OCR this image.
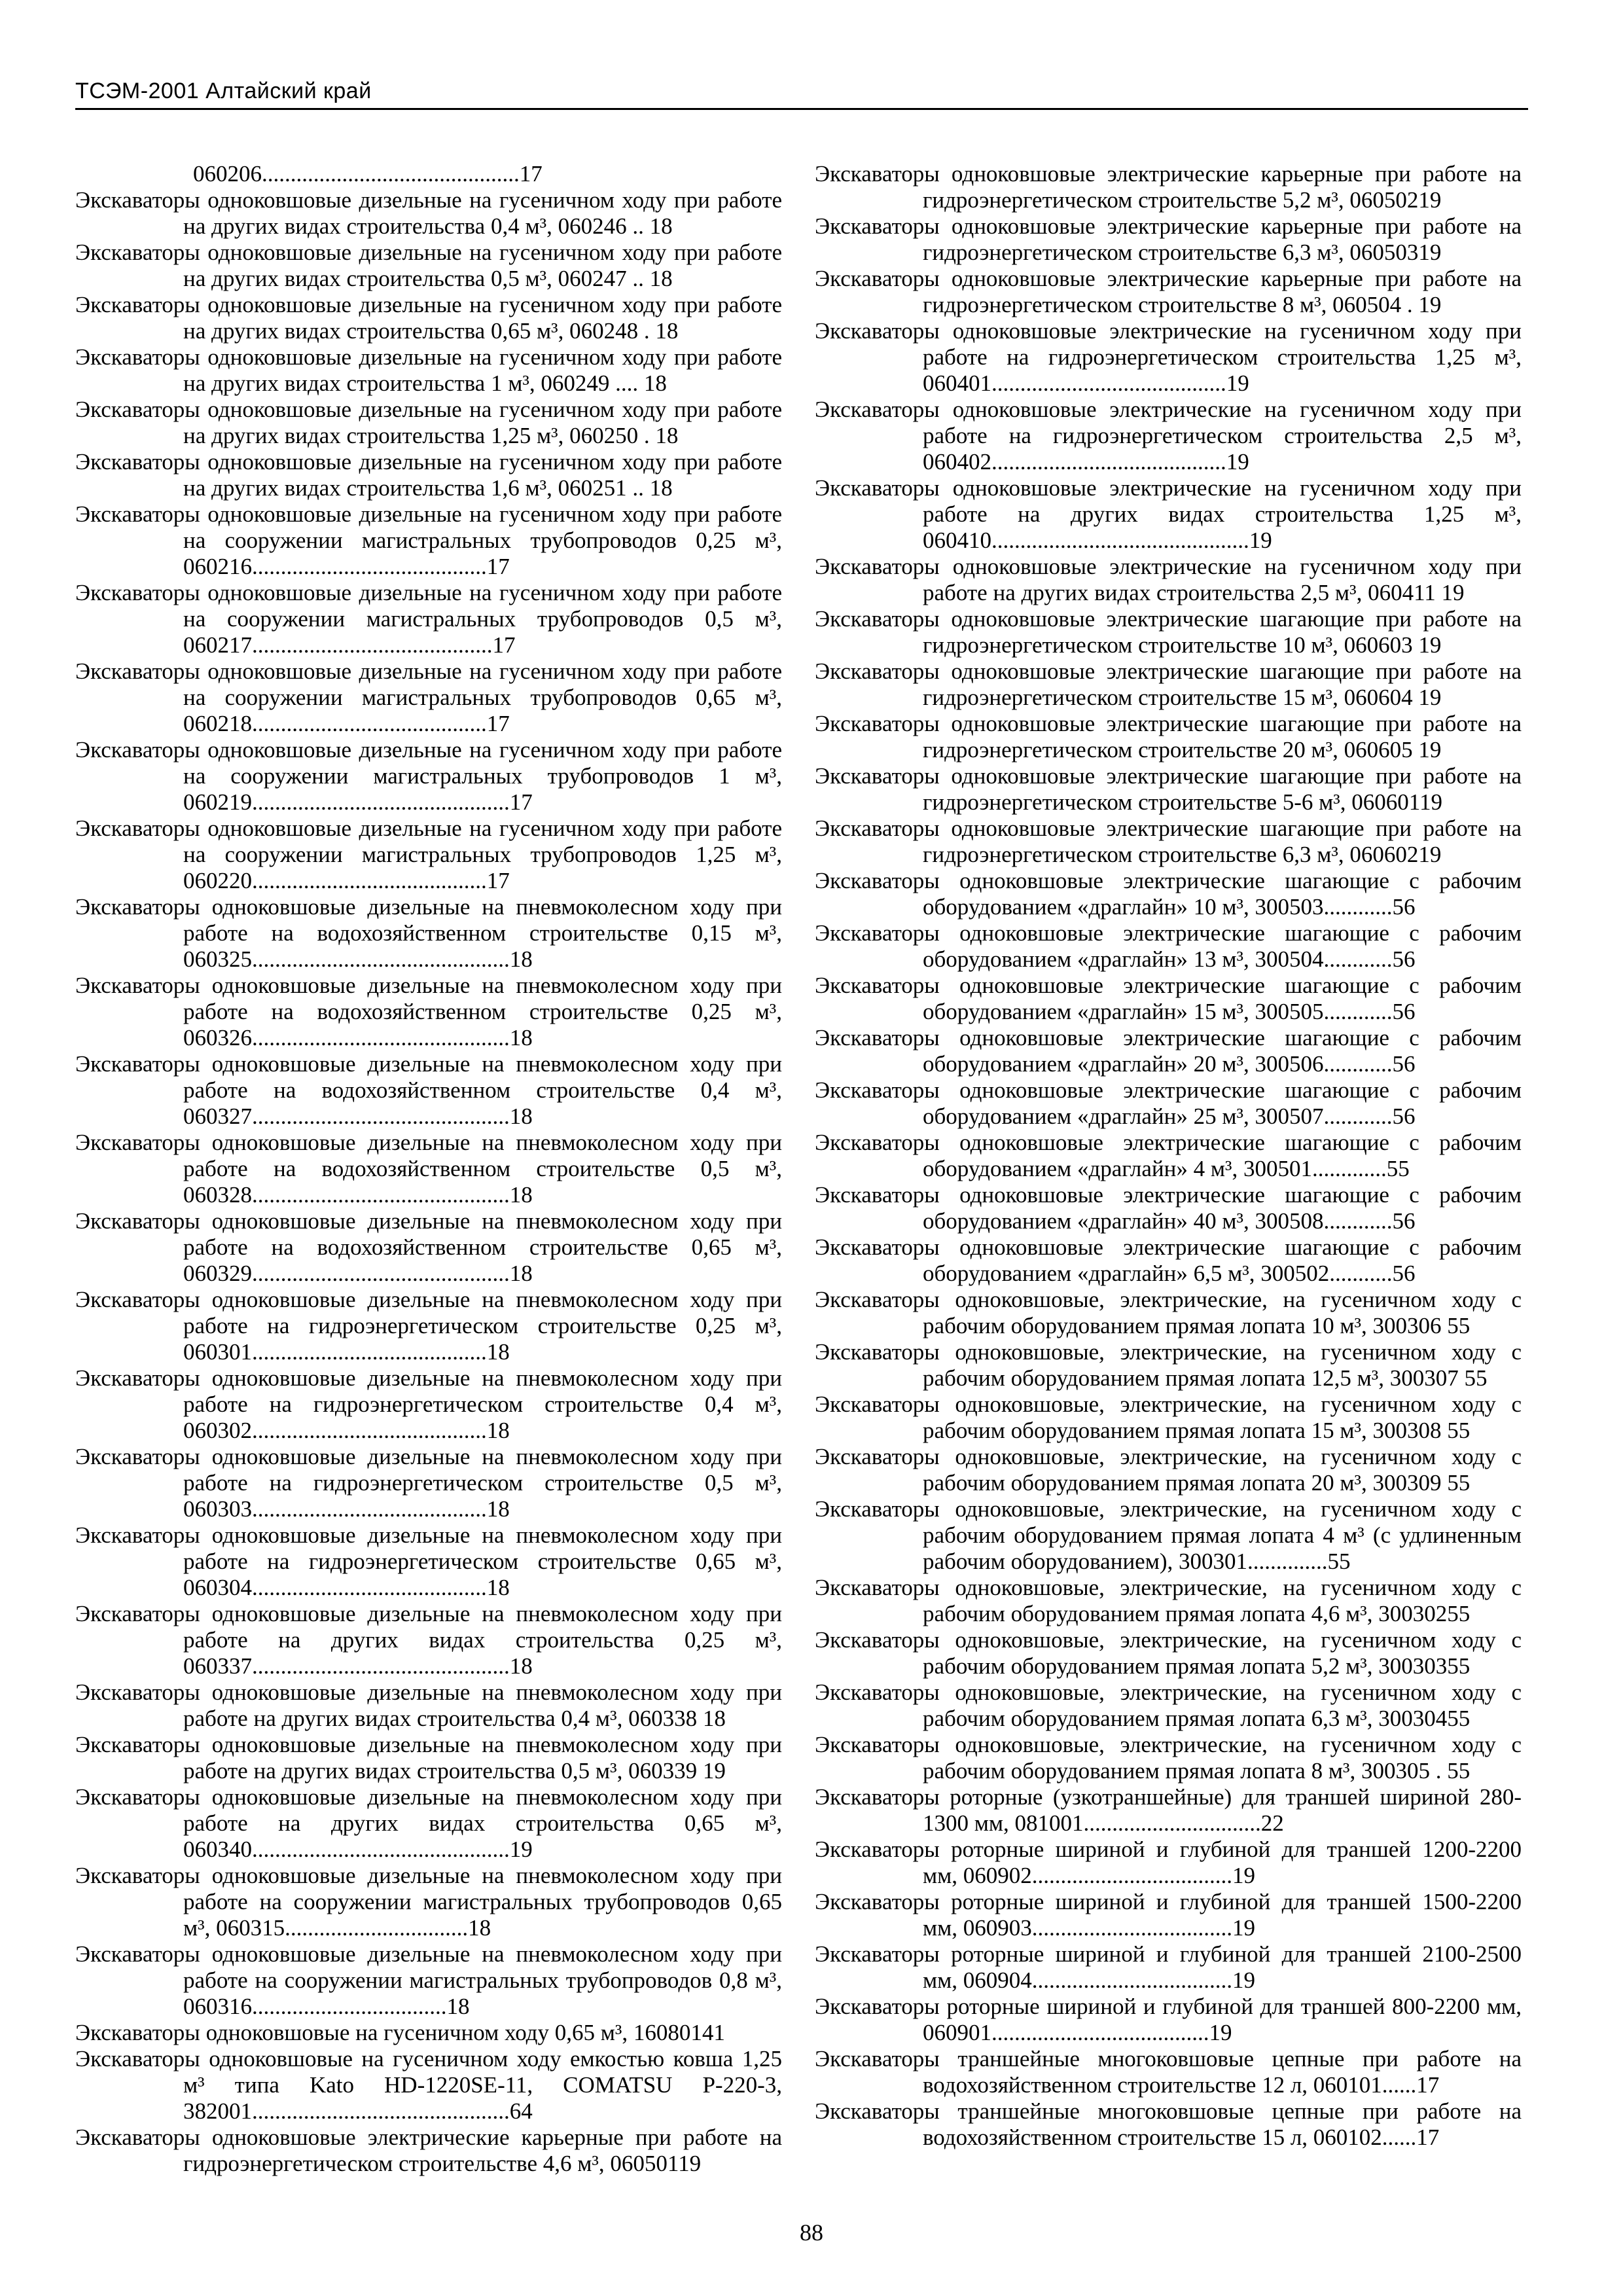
ТСЭМ-2001 Алтайский край
060206.............................................17
Экскаваторы одноковшовые дизельные на гусеничном ходу при работе на других видах строительства 0,4 м³, 060246 .. 18
Экскаваторы одноковшовые дизельные на гусеничном ходу при работе на других видах строительства 0,5 м³, 060247 .. 18
Экскаваторы одноковшовые дизельные на гусеничном ходу при работе на других видах строительства 0,65 м³, 060248 . 18
Экскаваторы одноковшовые дизельные на гусеничном ходу при работе на других видах строительства 1 м³, 060249 .... 18
Экскаваторы одноковшовые дизельные на гусеничном ходу при работе на других видах строительства 1,25 м³, 060250 . 18
Экскаваторы одноковшовые дизельные на гусеничном ходу при работе на других видах строительства 1,6 м³, 060251 .. 18
Экскаваторы одноковшовые дизельные на гусеничном ходу при работе на сооружении магистральных трубопроводов 0,25 м³, 060216.........................................17
Экскаваторы одноковшовые дизельные на гусеничном ходу при работе на сооружении магистральных трубопроводов 0,5 м³, 060217..........................................17
Экскаваторы одноковшовые дизельные на гусеничном ходу при работе на сооружении магистральных трубопроводов 0,65 м³, 060218.........................................17
Экскаваторы одноковшовые дизельные на гусеничном ходу при работе на сооружении магистральных трубопроводов 1 м³, 060219.............................................17
Экскаваторы одноковшовые дизельные на гусеничном ходу при работе на сооружении магистральных трубопроводов 1,25 м³, 060220.........................................17
Экскаваторы одноковшовые дизельные на пневмоколесном ходу при работе на водохозяйственном строительстве 0,15 м³, 060325.............................................18
Экскаваторы одноковшовые дизельные на пневмоколесном ходу при работе на водохозяйственном строительстве 0,25 м³, 060326.............................................18
Экскаваторы одноковшовые дизельные на пневмоколесном ходу при работе на водохозяйственном строительстве 0,4 м³, 060327.............................................18
Экскаваторы одноковшовые дизельные на пневмоколесном ходу при работе на водохозяйственном строительстве 0,5 м³, 060328.............................................18
Экскаваторы одноковшовые дизельные на пневмоколесном ходу при работе на водохозяйственном строительстве 0,65 м³, 060329.............................................18
Экскаваторы одноковшовые дизельные на пневмоколесном ходу при работе на гидроэнергетическом строительстве 0,25 м³, 060301.........................................18
Экскаваторы одноковшовые дизельные на пневмоколесном ходу при работе на гидроэнергетическом строительстве 0,4 м³, 060302.........................................18
Экскаваторы одноковшовые дизельные на пневмоколесном ходу при работе на гидроэнергетическом строительстве 0,5 м³, 060303.........................................18
Экскаваторы одноковшовые дизельные на пневмоколесном ходу при работе на гидроэнергетическом строительстве 0,65 м³, 060304.........................................18
Экскаваторы одноковшовые дизельные на пневмоколесном ходу при работе на других видах строительства 0,25 м³, 060337.............................................18
Экскаваторы одноковшовые дизельные на пневмоколесном ходу при работе на других видах строительства 0,4 м³, 060338 18
Экскаваторы одноковшовые дизельные на пневмоколесном ходу при работе на других видах строительства 0,5 м³, 060339 19
Экскаваторы одноковшовые дизельные на пневмоколесном ходу при работе на других видах строительства 0,65 м³, 060340.............................................19
Экскаваторы одноковшовые дизельные на пневмоколесном ходу при работе на сооружении магистральных трубопроводов 0,65 м³, 060315................................18
Экскаваторы одноковшовые дизельные на пневмоколесном ходу при работе на сооружении магистральных трубопроводов 0,8 м³, 060316..................................18
Экскаваторы одноковшовые на гусеничном ходу 0,65 м³, 16080141
Экскаваторы одноковшовые на гусеничном ходу емкостью ковша 1,25 м³ типа Kato HD-1220SE-11, COMATSU P-220-3, 382001.............................................64
Экскаваторы одноковшовые электрические карьерные при работе на гидроэнергетическом строительстве 4,6 м³, 06050119
Экскаваторы одноковшовые электрические карьерные при работе на гидроэнергетическом строительстве 5,2 м³, 06050219
Экскаваторы одноковшовые электрические карьерные при работе на гидроэнергетическом строительстве 6,3 м³, 06050319
Экскаваторы одноковшовые электрические карьерные при работе на гидроэнергетическом строительстве 8 м³, 060504 . 19
Экскаваторы одноковшовые электрические на гусеничном ходу при работе на гидроэнергетическом строительства 1,25 м³, 060401.........................................19
Экскаваторы одноковшовые электрические на гусеничном ходу при работе на гидроэнергетическом строительства 2,5 м³, 060402.........................................19
Экскаваторы одноковшовые электрические на гусеничном ходу при работе на других видах строительства 1,25 м³, 060410.............................................19
Экскаваторы одноковшовые электрические на гусеничном ходу при работе на других видах строительства 2,5 м³, 060411 19
Экскаваторы одноковшовые электрические шагающие при работе на гидроэнергетическом строительстве 10 м³, 060603 19
Экскаваторы одноковшовые электрические шагающие при работе на гидроэнергетическом строительстве 15 м³, 060604 19
Экскаваторы одноковшовые электрические шагающие при работе на гидроэнергетическом строительстве 20 м³, 060605 19
Экскаваторы одноковшовые электрические шагающие при работе на гидроэнергетическом строительстве 5-6 м³, 06060119
Экскаваторы одноковшовые электрические шагающие при работе на гидроэнергетическом строительстве 6,3 м³, 06060219
Экскаваторы одноковшовые электрические шагающие с рабочим оборудованием «драглайн» 10 м³, 300503............56
Экскаваторы одноковшовые электрические шагающие с рабочим оборудованием «драглайн» 13 м³, 300504............56
Экскаваторы одноковшовые электрические шагающие с рабочим оборудованием «драглайн» 15 м³, 300505............56
Экскаваторы одноковшовые электрические шагающие с рабочим оборудованием «драглайн» 20 м³, 300506............56
Экскаваторы одноковшовые электрические шагающие с рабочим оборудованием «драглайн» 25 м³, 300507............56
Экскаваторы одноковшовые электрические шагающие с рабочим оборудованием «драглайн» 4 м³, 300501.............55
Экскаваторы одноковшовые электрические шагающие с рабочим оборудованием «драглайн» 40 м³, 300508............56
Экскаваторы одноковшовые электрические шагающие с рабочим оборудованием «драглайн» 6,5 м³, 300502...........56
Экскаваторы одноковшовые, электрические, на гусеничном ходу с рабочим оборудованием прямая лопата 10 м³, 300306 55
Экскаваторы одноковшовые, электрические, на гусеничном ходу с рабочим оборудованием прямая лопата 12,5 м³, 300307 55
Экскаваторы одноковшовые, электрические, на гусеничном ходу с рабочим оборудованием прямая лопата 15 м³, 300308 55
Экскаваторы одноковшовые, электрические, на гусеничном ходу с рабочим оборудованием прямая лопата 20 м³, 300309 55
Экскаваторы одноковшовые, электрические, на гусеничном ходу с рабочим оборудованием прямая лопата 4 м³ (с удлиненным рабочим оборудованием), 300301..............55
Экскаваторы одноковшовые, электрические, на гусеничном ходу с рабочим оборудованием прямая лопата 4,6 м³, 30030255
Экскаваторы одноковшовые, электрические, на гусеничном ходу с рабочим оборудованием прямая лопата 5,2 м³, 30030355
Экскаваторы одноковшовые, электрические, на гусеничном ходу с рабочим оборудованием прямая лопата 6,3 м³, 30030455
Экскаваторы одноковшовые, электрические, на гусеничном ходу с рабочим оборудованием прямая лопата 8 м³, 300305 . 55
Экскаваторы роторные (узкотраншейные) для траншей шириной 280-1300 мм, 081001...............................22
Экскаваторы роторные шириной и глубиной для траншей 1200-2200 мм, 060902...................................19
Экскаваторы роторные шириной и глубиной для траншей 1500-2200 мм, 060903...................................19
Экскаваторы роторные шириной и глубиной для траншей 2100-2500 мм, 060904...................................19
Экскаваторы роторные шириной и глубиной для траншей 800-2200 мм, 060901......................................19
Экскаваторы траншейные многоковшовые цепные при работе на водохозяйственном строительстве 12 л, 060101......17
Экскаваторы траншейные многоковшовые цепные при работе на водохозяйственном строительстве 15 л, 060102......17
88
